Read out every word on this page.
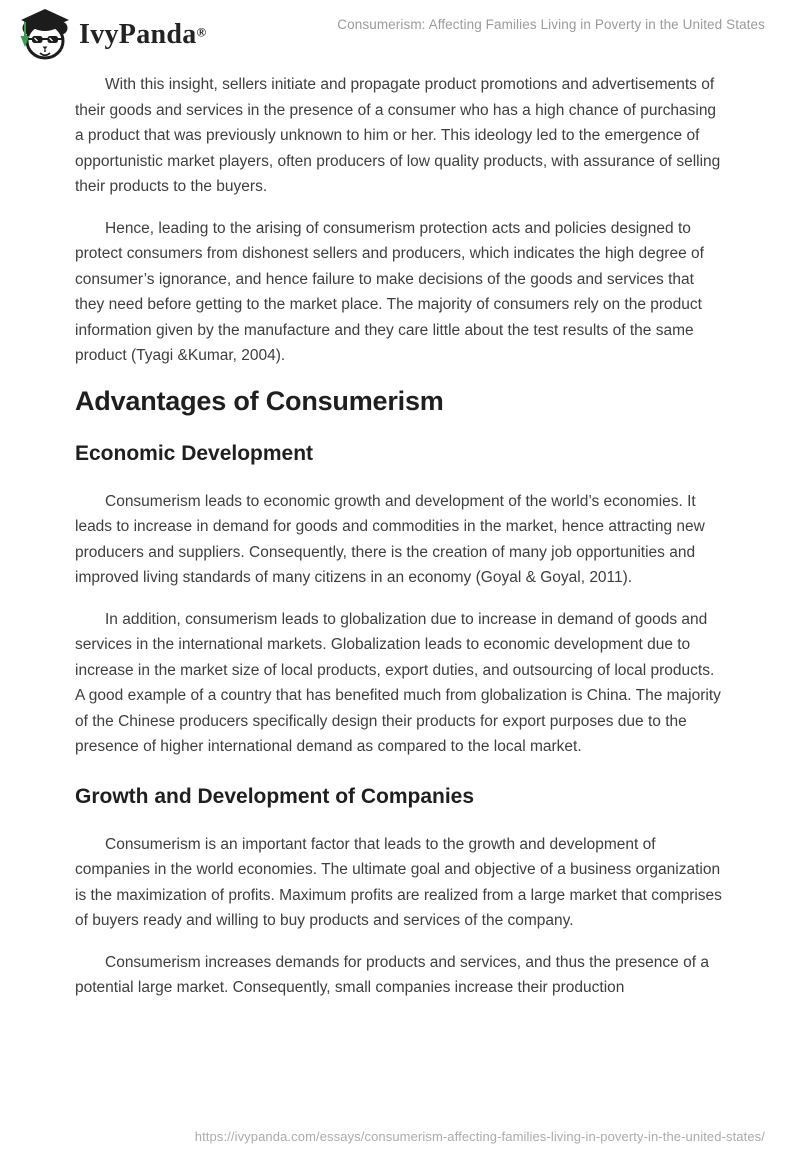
IvyPanda®
Consumerism: Affecting Families Living in Poverty in the United States

With this insight, sellers initiate and propagate product promotions and advertisements of their goods and services in the presence of a consumer who has a high chance of purchasing a product that was previously unknown to him or her. This ideology led to the emergence of opportunistic market players, often producers of low quality products, with assurance of selling their products to the buyers.

Hence, leading to the arising of consumerism protection acts and policies designed to protect consumers from dishonest sellers and producers, which indicates the high degree of consumer’s ignorance, and hence failure to make decisions of the goods and services that they need before getting to the market place. The majority of consumers rely on the product information given by the manufacture and they care little about the test results of the same product (Tyagi &Kumar, 2004).

Advantages of Consumerism
Economic Development

Consumerism leads to economic growth and development of the world’s economies. It leads to increase in demand for goods and commodities in the market, hence attracting new producers and suppliers. Consequently, there is the creation of many job opportunities and improved living standards of many citizens in an economy (Goyal & Goyal, 2011).

In addition, consumerism leads to globalization due to increase in demand of goods and services in the international markets. Globalization leads to economic development due to increase in the market size of local products, export duties, and outsourcing of local products. A good example of a country that has benefited much from globalization is China. The majority of the Chinese producers specifically design their products for export purposes due to the presence of higher international demand as compared to the local market.

Growth and Development of Companies

Consumerism is an important factor that leads to the growth and development of companies in the world economies. The ultimate goal and objective of a business organization is the maximization of profits. Maximum profits are realized from a large market that comprises of buyers ready and willing to buy products and services of the company.

Consumerism increases demands for products and services, and thus the presence of a potential large market. Consequently, small companies increase their production

https://ivypanda.com/essays/consumerism-affecting-families-living-in-poverty-in-the-united-states/
